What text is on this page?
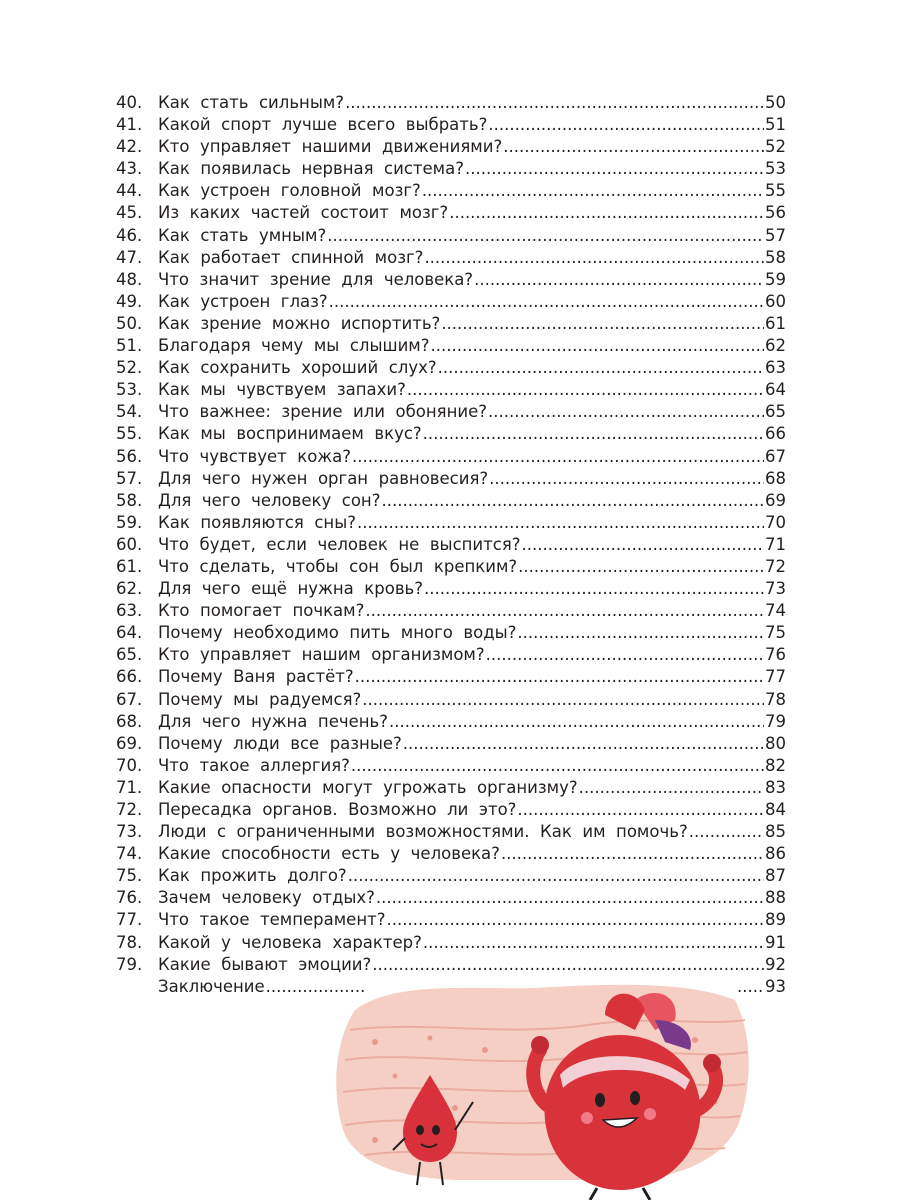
40. Как стать сильным? .....	50
41. Какой спорт лучше всего выбрать? .....	51
42. Кто управляет нашими движениями? .....	52
43. Как появилась нервная система? .....	53
44. Как устроен головной мозг? .....	55
45. Из каких частей состоит мозг? .....	56
46. Как стать умным? .....	57
47. Как работает спинной мозг? .....	58
48. Что значит зрение для человека? .....	59
49. Как устроен глаз? .....	60
50. Как зрение можно испортить? .....	61
51. Благодаря чему мы слышим? .....	62
52. Как сохранить хороший слух? .....	63
53. Как мы чувствуем запахи? .....	64
54. Что важнее: зрение или обоняние? .....	65
55. Как мы воспринимаем вкус? .....	66
56. Что чувствует кожа? .....	67
57. Для чего нужен орган равновесия? .....	68
58. Для чего человеку сон? .....	69
59. Как появляются сны? .....	70
60. Что будет, если человек не выспится? .....	71
61. Что сделать, чтобы сон был крепким? .....	72
62. Для чего ещё нужна кровь? .....	73
63. Кто помогает почкам? .....	74
64. Почему необходимо пить много воды? .....	75
65. Кто управляет нашим организмом? .....	76
66. Почему Ваня растёт? .....	77
67. Почему мы радуемся? .....	78
68. Для чего нужна печень? .....	79
69. Почему люди все разные? .....	80
70. Что такое аллергия? .....	82
71. Какие опасности могут угрожать организму? .....	83
72. Пересадка органов. Возможно ли это? .....	84
73. Люди с ограниченными возможностями. Как им помочь? .....	85
74. Какие способности есть у человека? .....	86
75. Как прожить долго? .....	87
76. Зачем человеку отдых? .....	88
77. Что такое темперамент? .....	89
78. Какой у человека характер? .....	91
79. Какие бывают эмоции? .....	92
Заключение ..... .....	93
